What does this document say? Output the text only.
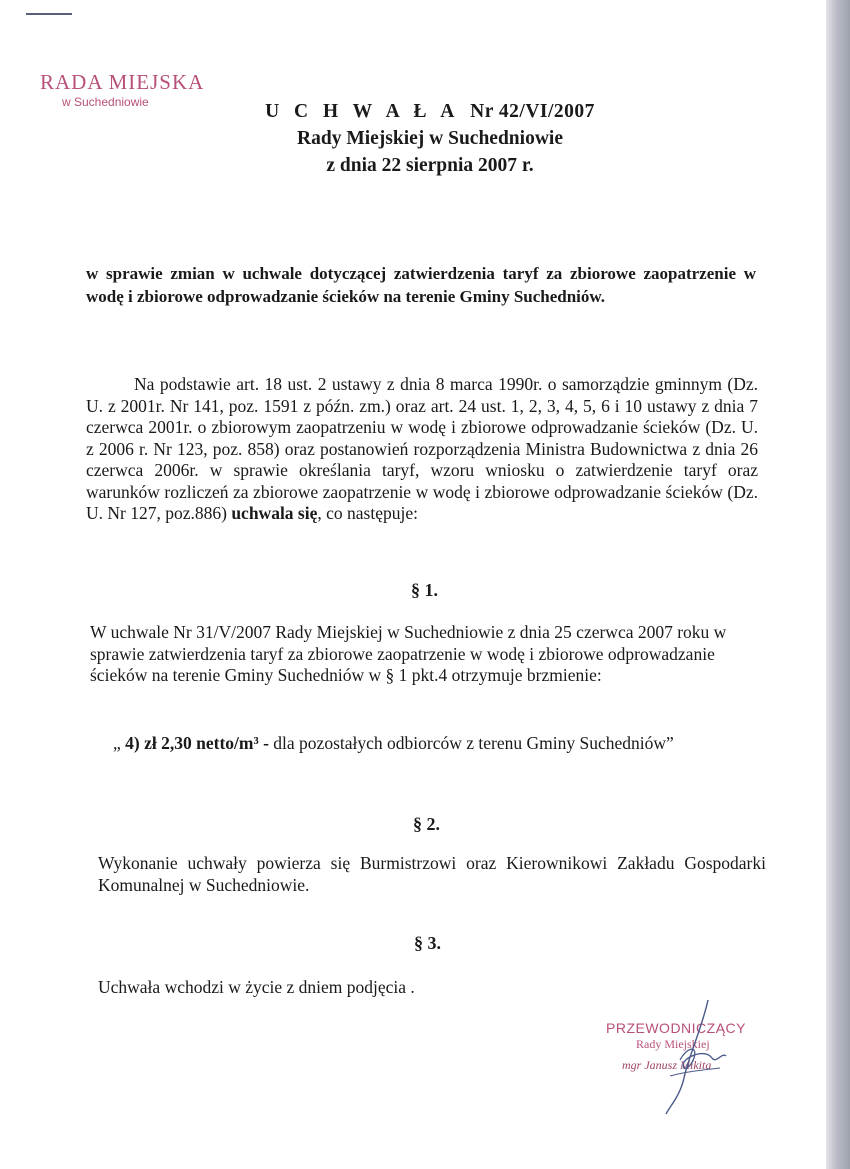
RADA MIEJSKA
w Suchedniowie	U C H W A Ł A Nr 42/VI/2007
Rady Miejskiej w Suchedniowie
z dnia 22 sierpnia 2007 r.
w sprawie zmian w uchwale dotyczącej zatwierdzenia taryf za zbiorowe zaopatrzenie w wodę i zbiorowe odprowadzanie ścieków na terenie Gminy Suchedniów.
Na podstawie art. 18 ust. 2 ustawy z dnia 8 marca 1990r. o samorządzie gminnym (Dz. U. z 2001r. Nr 141, poz. 1591 z późn. zm.) oraz art. 24 ust. 1, 2, 3, 4, 5, 6 i 10 ustawy z dnia 7 czerwca 2001r. o zbiorowym zaopatrzeniu w wodę i zbiorowe odprowadzanie ścieków (Dz. U. z 2006 r. Nr 123, poz. 858) oraz postanowień rozporządzenia Ministra Budownictwa z dnia 26 czerwca 2006r. w sprawie określania taryf, wzoru wniosku o zatwierdzenie taryf oraz warunków rozliczeń za zbiorowe zaopatrzenie w wodę i zbiorowe odprowadzanie ścieków (Dz. U. Nr 127, poz.886) uchwala się, co następuje:
§ 1.
W uchwale Nr 31/V/2007 Rady Miejskiej w Suchedniowie z dnia 25 czerwca 2007 roku w sprawie zatwierdzenia taryf za zbiorowe zaopatrzenie w wodę i zbiorowe odprowadzanie ścieków na terenie Gminy Suchedniów w § 1 pkt.4 otrzymuje brzmienie:
„ 4) zł 2,30 netto/m³ - dla pozostałych odbiorców z terenu Gminy Suchedniów”
§ 2.
Wykonanie uchwały powierza się Burmistrzowi oraz Kierownikowi Zakładu Gospodarki Komunalnej w Suchedniowie.
§ 3.
Uchwała wchodzi w życie z dniem podjęcia .
PRZEWODNICZĄCY
Rady Miejskiej
mgr Janusz Mikita
